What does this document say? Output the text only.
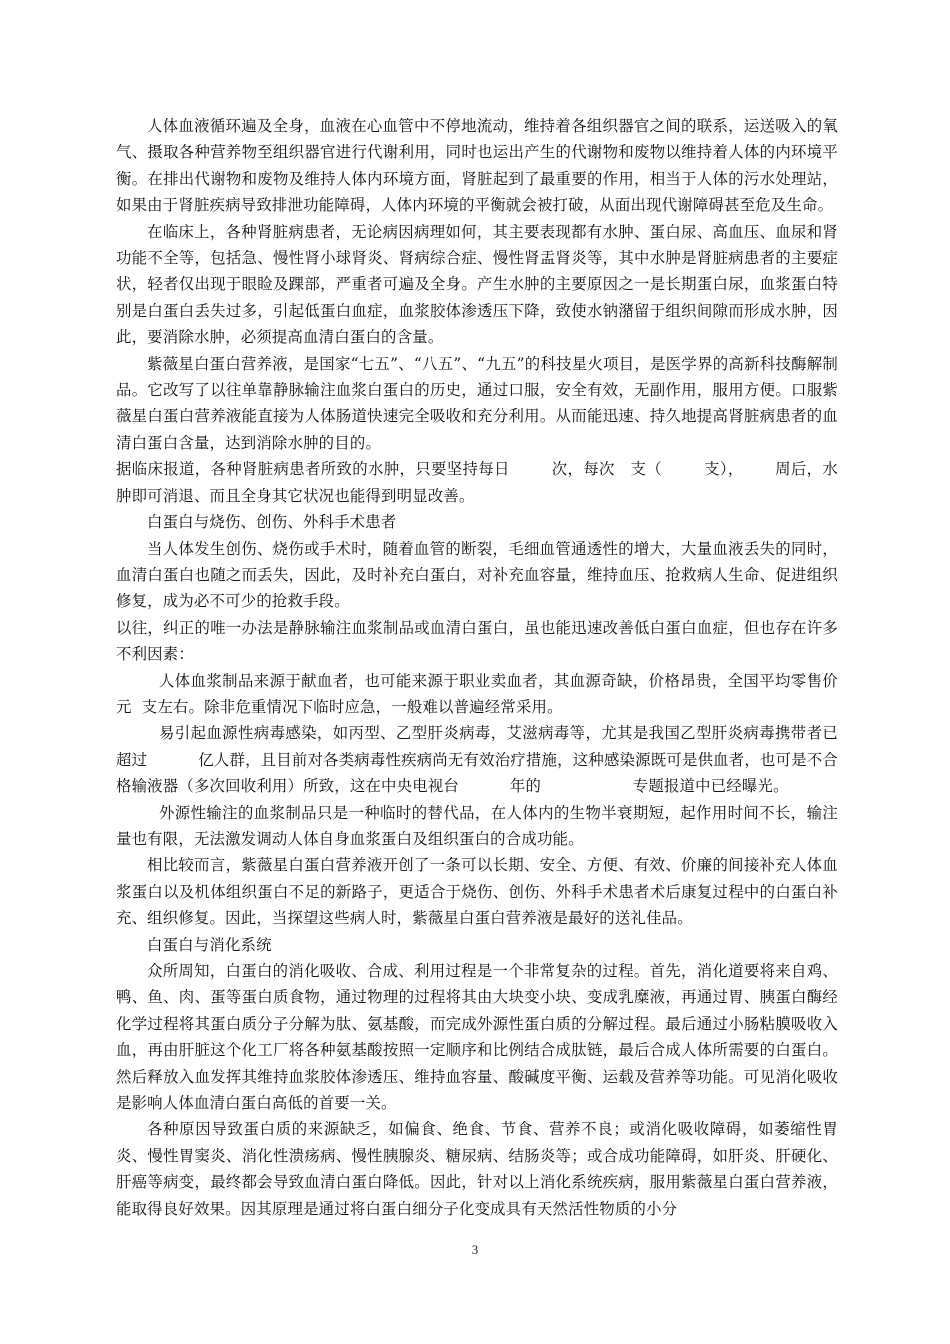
人体血液循环遍及全身，血液在心血管中不停地流动，维持着各组织器官之间的联系，运送吸入的氧气、摄取各种营养物至组织器官进行代谢利用，同时也运出产生的代谢物和废物以维持着人体的内环境平衡。在排出代谢物和废物及维持人体内环境方面，肾脏起到了最重要的作用，相当于人体的污水处理站，如果由于肾脏疾病导致排泄功能障碍，人体内环境的平衡就会被打破，从面出现代谢障碍甚至危及生命。

在临床上，各种肾脏病患者，无论病因病理如何，其主要表现都有水肿、蛋白尿、高血压、血尿和肾功能不全等，包括急、慢性肾小球肾炎、肾病综合症、慢性肾盂肾炎等，其中水肿是肾脏病患者的主要症状，轻者仅出现于眼睑及踝部，严重者可遍及全身。产生水肿的主要原因之一是长期蛋白尿，血浆蛋白特别是白蛋白丢失过多，引起低蛋白血症，血浆胶体渗透压下降，致使水钠潴留于组织间隙而形成水肿，因此，要消除水肿，必须提高血清白蛋白的含量。

紫薇星白蛋白营养液，是国家“七五”、“八五”、“九五”的科技星火项目，是医学界的高新科技酶解制品。它改写了以往单靠静脉输注血浆白蛋白的历史，通过口服，安全有效，无副作用，服用方便。口服紫薇星白蛋白营养液能直接为人体肠道快速完全吸收和充分利用。从而能迅速、持久地提高肾脏病患者的血清白蛋白含量，达到消除水肿的目的。

据临床报道，各种肾脏病患者所致的水肿，只要坚持每日        次，每次   支（        支），      周后，水肿即可消退、而且全身其它状况也能得到明显改善。

白蛋白与烧伤、创伤、外科手术患者

当人体发生创伤、烧伤或手术时，随着血管的断裂，毛细血管通透性的增大，大量血液丢失的同时，血清白蛋白也随之而丢失，因此，及时补充白蛋白，对补充血容量，维持血压、抢救病人生命、促进组织修复，成为必不可少的抢救手段。

以往，纠正的唯一办法是静脉输注血浆制品或血清白蛋白，虽也能迅速改善低白蛋白血症，但也存在许多不利因素：

人体血浆制品来源于献血者，也可能来源于职业卖血者，其血源奇缺，价格昂贵，全国平均零售价        元  支左右。除非危重情况下临时应急，一般难以普遍经常采用。

易引起血源性病毒感染，如丙型、乙型肝炎病毒，艾滋病毒等，尤其是我国乙型肝炎病毒携带者已超过          亿人群，且目前对各类病毒性疾病尚无有效治疗措施，这种感染源既可是供血者，也可是不合格输液器（多次回收利用）所致，这在中央电视台          年的                  专题报道中已经曝光。

外源性输注的血浆制品只是一种临时的替代品，在人体内的生物半衰期短，起作用时间不长，输注量也有限，无法激发调动人体自身血浆蛋白及组织蛋白的合成功能。

相比较而言，紫薇星白蛋白营养液开创了一条可以长期、安全、方便、有效、价廉的间接补充人体血浆蛋白以及机体组织蛋白不足的新路子，更适合于烧伤、创伤、外科手术患者术后康复过程中的白蛋白补充、组织修复。因此，当探望这些病人时，紫薇星白蛋白营养液是最好的送礼佳品。

白蛋白与消化系统

众所周知，白蛋白的消化吸收、合成、利用过程是一个非常复杂的过程。首先，消化道要将来自鸡、鸭、鱼、肉、蛋等蛋白质食物，通过物理的过程将其由大块变小块、变成乳糜液，再通过胃、胰蛋白酶经化学过程将其蛋白质分子分解为肽、氨基酸，而完成外源性蛋白质的分解过程。最后通过小肠粘膜吸收入血，再由肝脏这个化工厂将各种氨基酸按照一定顺序和比例结合成肽链，最后合成人体所需要的白蛋白。然后释放入血发挥其维持血浆胶体渗透压、维持血容量、酸碱度平衡、运载及营养等功能。可见消化吸收是影响人体血清白蛋白高低的首要一关。

各种原因导致蛋白质的来源缺乏，如偏食、绝食、节食、营养不良；或消化吸收障碍，如萎缩性胃炎、慢性胃窦炎、消化性溃疡病、慢性胰腺炎、糖尿病、结肠炎等；或合成功能障碍，如肝炎、肝硬化、肝癌等病变，最终都会导致血清白蛋白降低。因此，针对以上消化系统疾病，服用紫薇星白蛋白营养液，能取得良好效果。因其原理是通过将白蛋白细分子化变成具有天然活性物质的小分

3
